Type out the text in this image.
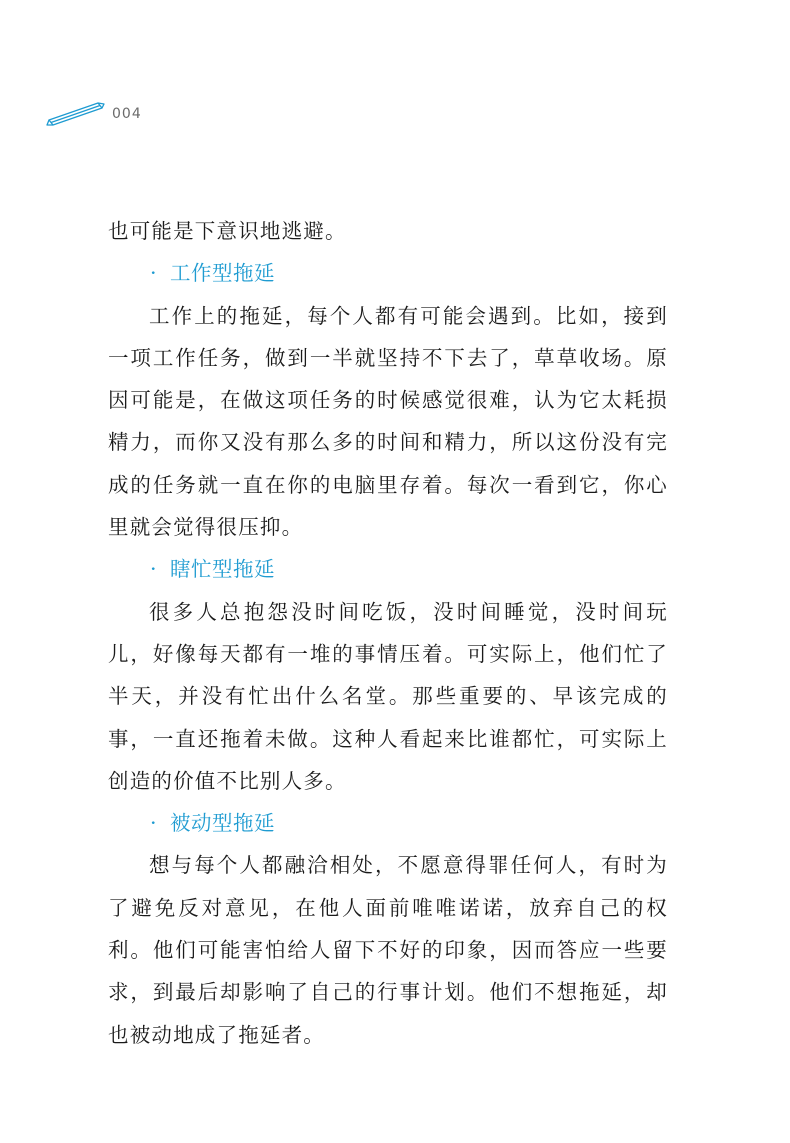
004

也可能是下意识地逃避。

· 工作型拖延

工作上的拖延，每个人都有可能会遇到。比如，接到一项工作任务，做到一半就坚持不下去了，草草收场。原因可能是，在做这项任务的时候感觉很难，认为它太耗损精力，而你又没有那么多的时间和精力，所以这份没有完成的任务就一直在你的电脑里存着。每次一看到它，你心里就会觉得很压抑。

· 瞎忙型拖延

很多人总抱怨没时间吃饭，没时间睡觉，没时间玩儿，好像每天都有一堆的事情压着。可实际上，他们忙了半天，并没有忙出什么名堂。那些重要的、早该完成的事，一直还拖着未做。这种人看起来比谁都忙，可实际上创造的价值不比别人多。

· 被动型拖延

想与每个人都融洽相处，不愿意得罪任何人，有时为了避免反对意见，在他人面前唯唯诺诺，放弃自己的权利。他们可能害怕给人留下不好的印象，因而答应一些要求，到最后却影响了自己的行事计划。他们不想拖延，却也被动地成了拖延者。
